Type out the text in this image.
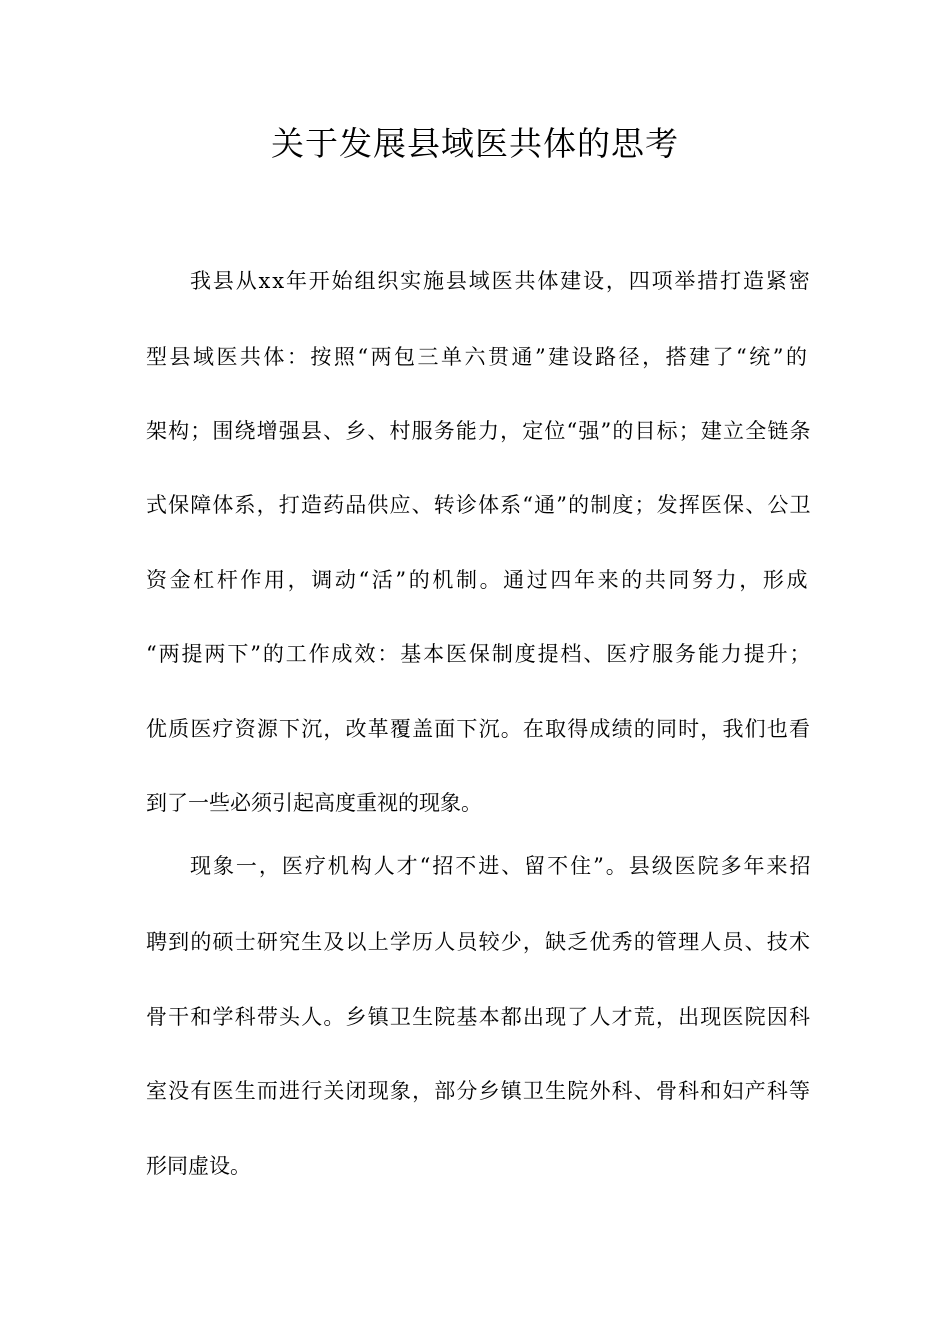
关于发展县域医共体的思考
我县从xx年开始组织实施县域医共体建设，四项举措打造紧密
型县域医共体：按照“两包三单六贯通”建设路径，搭建了“统”的
架构；围绕增强县、乡、村服务能力，定位“强”的目标；建立全链条
式保障体系，打造药品供应、转诊体系“通”的制度；发挥医保、公卫
资金杠杆作用，调动“活”的机制。通过四年来的共同努力，形成
“两提两下”的工作成效：基本医保制度提档、医疗服务能力提升；
优质医疗资源下沉，改革覆盖面下沉。在取得成绩的同时，我们也看
到了一些必须引起高度重视的现象。
现象一，医疗机构人才“招不进、留不住”。县级医院多年来招
聘到的硕士研究生及以上学历人员较少，缺乏优秀的管理人员、技术
骨干和学科带头人。乡镇卫生院基本都出现了人才荒，出现医院因科
室没有医生而进行关闭现象，部分乡镇卫生院外科、骨科和妇产科等
形同虚设。
